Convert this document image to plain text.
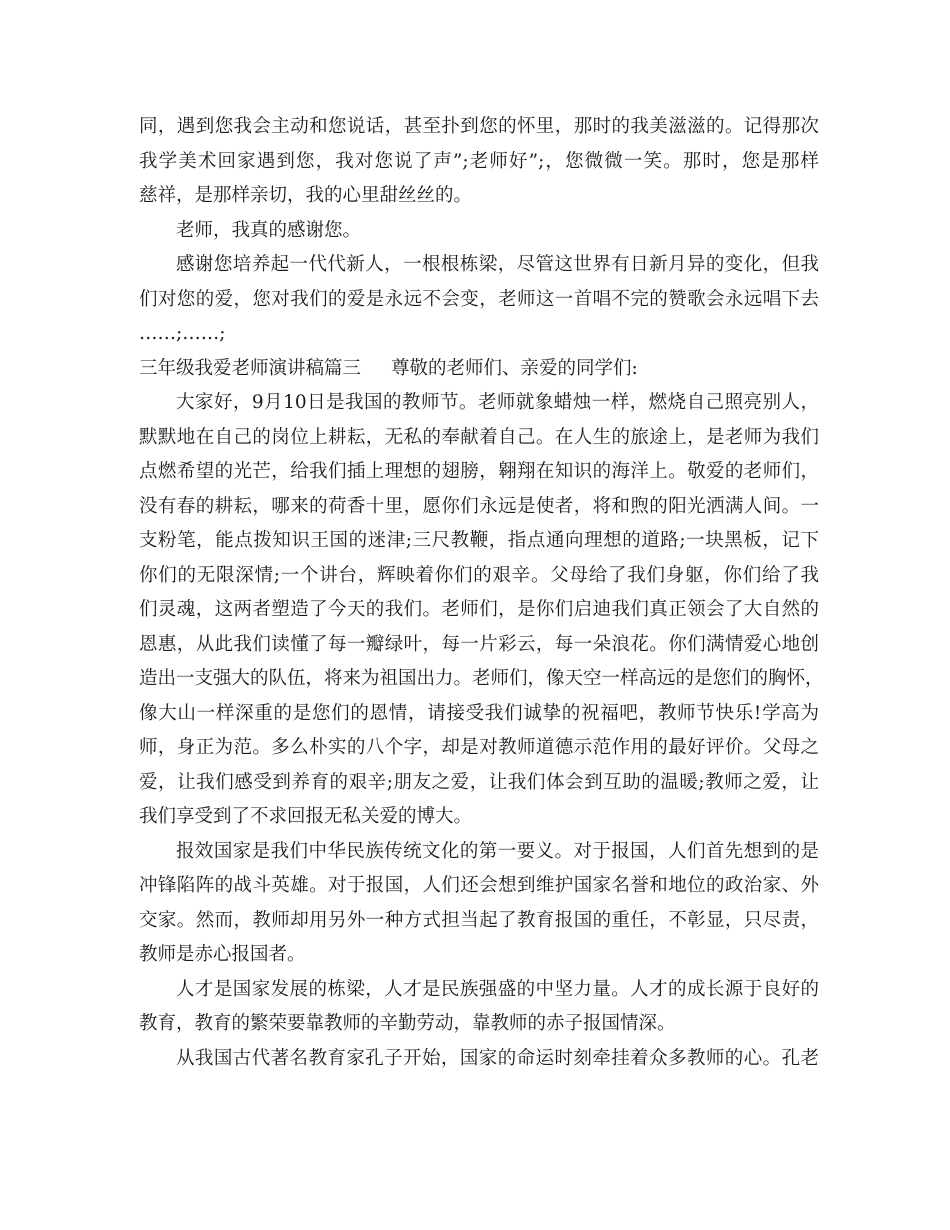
同，遇到您我会主动和您说话，甚至扑到您的怀里，那时的我美滋滋的。记得那次
我学美术回家遇到您，我对您说了声”;老师好”;，您微微一笑。那时，您是那样
慈祥，是那样亲切，我的心里甜丝丝的。
老师，我真的感谢您。
感谢您培养起一代代新人，一根根栋梁，尽管这世界有日新月异的变化，但我
们对您的爱，您对我们的爱是永远不会变，老师这一首唱不完的赞歌会永远唱下去
……;……;
三年级我爱老师演讲稿篇三 尊敬的老师们、亲爱的同学们:
大家好，9月10日是我国的教师节。老师就象蜡烛一样，燃烧自己照亮别人，
默默地在自己的岗位上耕耘，无私的奉献着自己。在人生的旅途上，是老师为我们
点燃希望的光芒，给我们插上理想的翅膀，翱翔在知识的海洋上。敬爱的老师们，
没有春的耕耘，哪来的荷香十里，愿你们永远是使者，将和煦的阳光洒满人间。一
支粉笔，能点拨知识王国的迷津;三尺教鞭，指点通向理想的道路;一块黑板，记下
你们的无限深情;一个讲台，辉映着你们的艰辛。父母给了我们身躯，你们给了我
们灵魂，这两者塑造了今天的我们。老师们，是你们启迪我们真正领会了大自然的
恩惠，从此我们读懂了每一瓣绿叶，每一片彩云，每一朵浪花。你们满情爱心地创
造出一支强大的队伍，将来为祖国出力。老师们，像天空一样高远的是您们的胸怀，
像大山一样深重的是您们的恩情，请接受我们诚挚的祝福吧，教师节快乐!学高为
师，身正为范。多么朴实的八个字，却是对教师道德示范作用的最好评价。父母之
爱，让我们感受到养育的艰辛;朋友之爱，让我们体会到互助的温暖;教师之爱，让
我们享受到了不求回报无私关爱的博大。
报效国家是我们中华民族传统文化的第一要义。对于报国，人们首先想到的是
冲锋陷阵的战斗英雄。对于报国，人们还会想到维护国家名誉和地位的政治家、外
交家。然而，教师却用另外一种方式担当起了教育报国的重任，不彰显，只尽责，
教师是赤心报国者。
人才是国家发展的栋梁，人才是民族强盛的中坚力量。人才的成长源于良好的
教育，教育的繁荣要靠教师的辛勤劳动，靠教师的赤子报国情深。
从我国古代著名教育家孔子开始，国家的命运时刻牵挂着众多教师的心。孔老
